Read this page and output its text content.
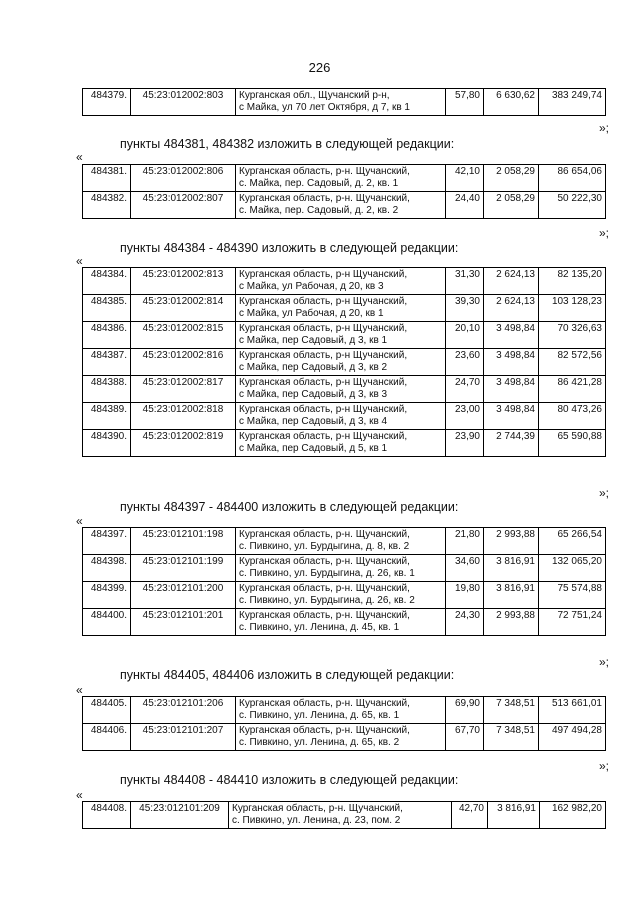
226
484379.	45:23:012002:803	Курганская обл., Щучанский р-н,
с Майка, ул 70 лет Октября, д 7, кв 1
	57,80	6 630,62	383 249,74
»;
пункты 484381, 484382 изложить в следующей редакции:
«
484381.	45:23:012002:806	Курганская область, р-н. Щучанский,
с. Майка, пер. Садовый, д. 2, кв. 1	42,10	2 058,29	86 654,06
484382.	45:23:012002:807	Курганская область, р-н. Щучанский,
с. Майка, пер. Садовый, д. 2, кв. 2	24,40	2 058,29	50 222,30
»;
пункты 484384 - 484390 изложить в следующей редакции:
«
484384.	45:23:012002:813	Курганская область, р-н Щучанский,
с Майка, ул Рабочая, д 20, кв 3	31,30	2 624,13	82 135,20
484385.	45:23:012002:814	Курганская область, р-н Щучанский,
с Майка, ул Рабочая, д 20, кв 1	39,30	2 624,13	103 128,23
484386.	45:23:012002:815	Курганская область, р-н Щучанский,
с Майка, пер Садовый, д 3, кв 1	20,10	3 498,84	70 326,63
484387.	45:23:012002:816	Курганская область, р-н Щучанский,
с Майка, пер Садовый, д 3, кв 2	23,60	3 498,84	82 572,56
484388.	45:23:012002:817	Курганская область, р-н Щучанский,
с Майка, пер Садовый, д 3, кв 3	24,70	3 498,84	86 421,28
484389.	45:23:012002:818	Курганская область, р-н Щучанский,
с Майка, пер Садовый, д 3, кв 4	23,00	3 498,84	80 473,26
484390.	45:23:012002:819	Курганская область, р-н Щучанский,
с Майка, пер Садовый, д 5, кв 1	23,90	2 744,39	65 590,88
»;
пункты 484397 - 484400 изложить в следующей редакции:
«
484397.	45:23:012101:198	Курганская область, р-н. Щучанский,
с. Пивкино, ул. Бурдыгина, д. 8, кв. 2	21,80	2 993,88	65 266,54
484398.	45:23:012101:199	Курганская область, р-н. Щучанский,
с. Пивкино, ул. Бурдыгина, д. 26, кв. 1	34,60	3 816,91	132 065,20
484399.	45:23:012101:200	Курганская область, р-н. Щучанский,
с. Пивкино, ул. Бурдыгина, д. 26, кв. 2	19,80	3 816,91	75 574,88
484400.	45:23:012101:201	Курганская область, р-н. Щучанский,
с. Пивкино, ул. Ленина, д. 45, кв. 1	24,30	2 993,88	72 751,24
»;
пункты 484405, 484406 изложить в следующей редакции:
«
484405.	45:23:012101:206	Курганская область, р-н. Щучанский,
с. Пивкино, ул. Ленина, д. 65, кв. 1	69,90	7 348,51	513 661,01
484406.	45:23:012101:207	Курганская область, р-н. Щучанский,
с. Пивкино, ул. Ленина, д. 65, кв. 2	67,70	7 348,51	497 494,28
»;
пункты 484408 - 484410 изложить в следующей редакции:
«
484408.	45:23:012101:209	Курганская область, р-н. Щучанский,
с. Пивкино, ул. Ленина, д. 23, пом. 2
	42,70	3 816,91	162 982,20
